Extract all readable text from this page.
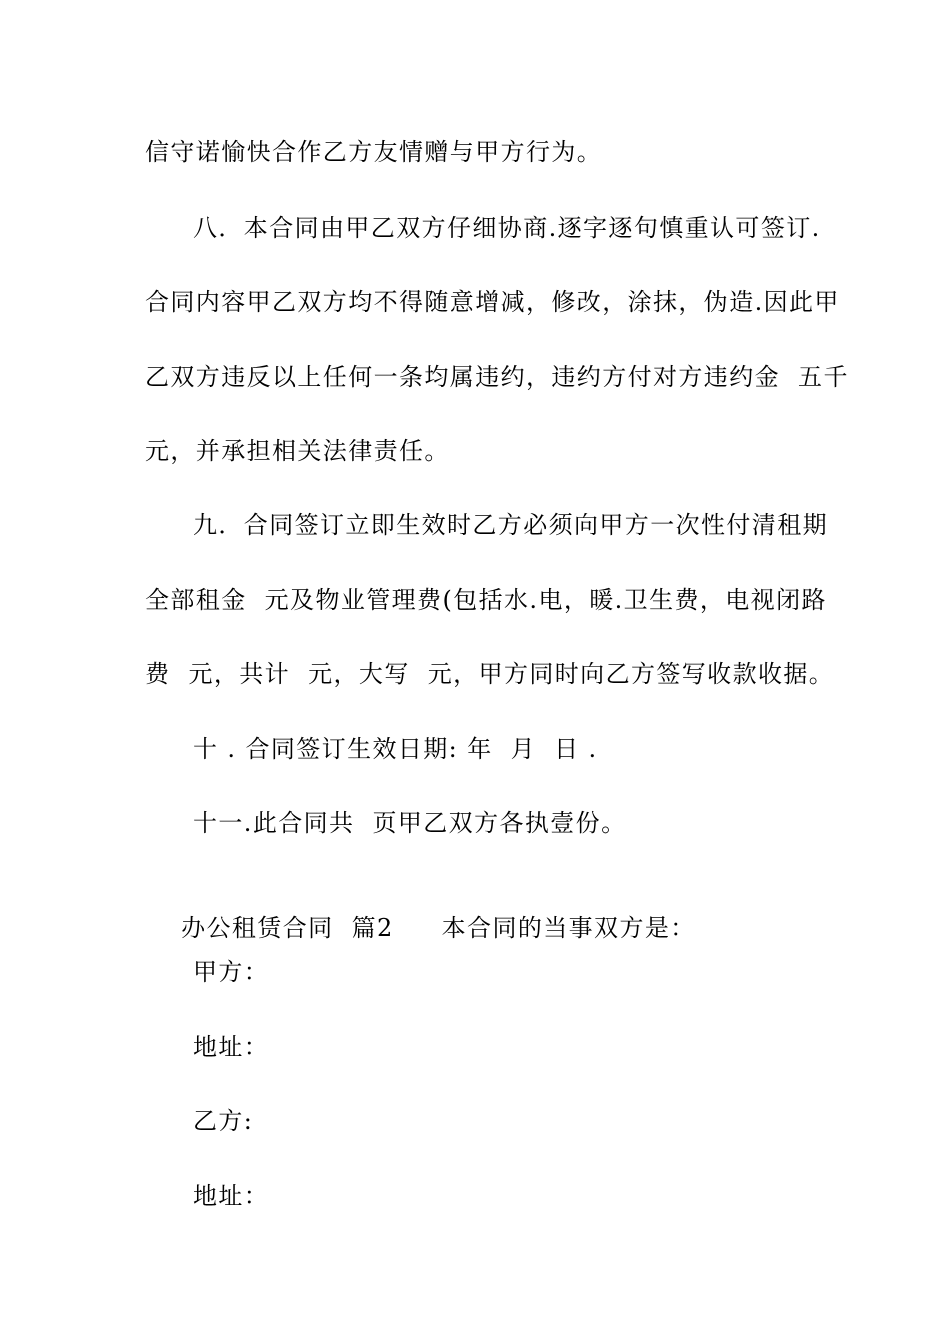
信守诺愉快合作乙方友情赠与甲方行为。
八．本合同由甲乙双方仔细协商.逐字逐句慎重认可签订.
合同内容甲乙双方均不得随意增减，修改，涂抹，伪造.因此甲
乙双方违反以上任何一条均属违约，违约方付对方违约金  五千
元，并承担相关法律责任。
九．合同签订立即生效时乙方必须向甲方一次性付清租期
全部租金  元及物业管理费(包括水.电，暖.卫生费，电视闭路
费  元，共计  元，大写  元，甲方同时向乙方签写收款收据。
十 . 合同签订生效日期: 年  月  日 .
十一.此合同共  页甲乙双方各执壹份。

办公租赁合同  篇2 本合同的当事双方是：

甲方：
地址：
乙方:
地址：
